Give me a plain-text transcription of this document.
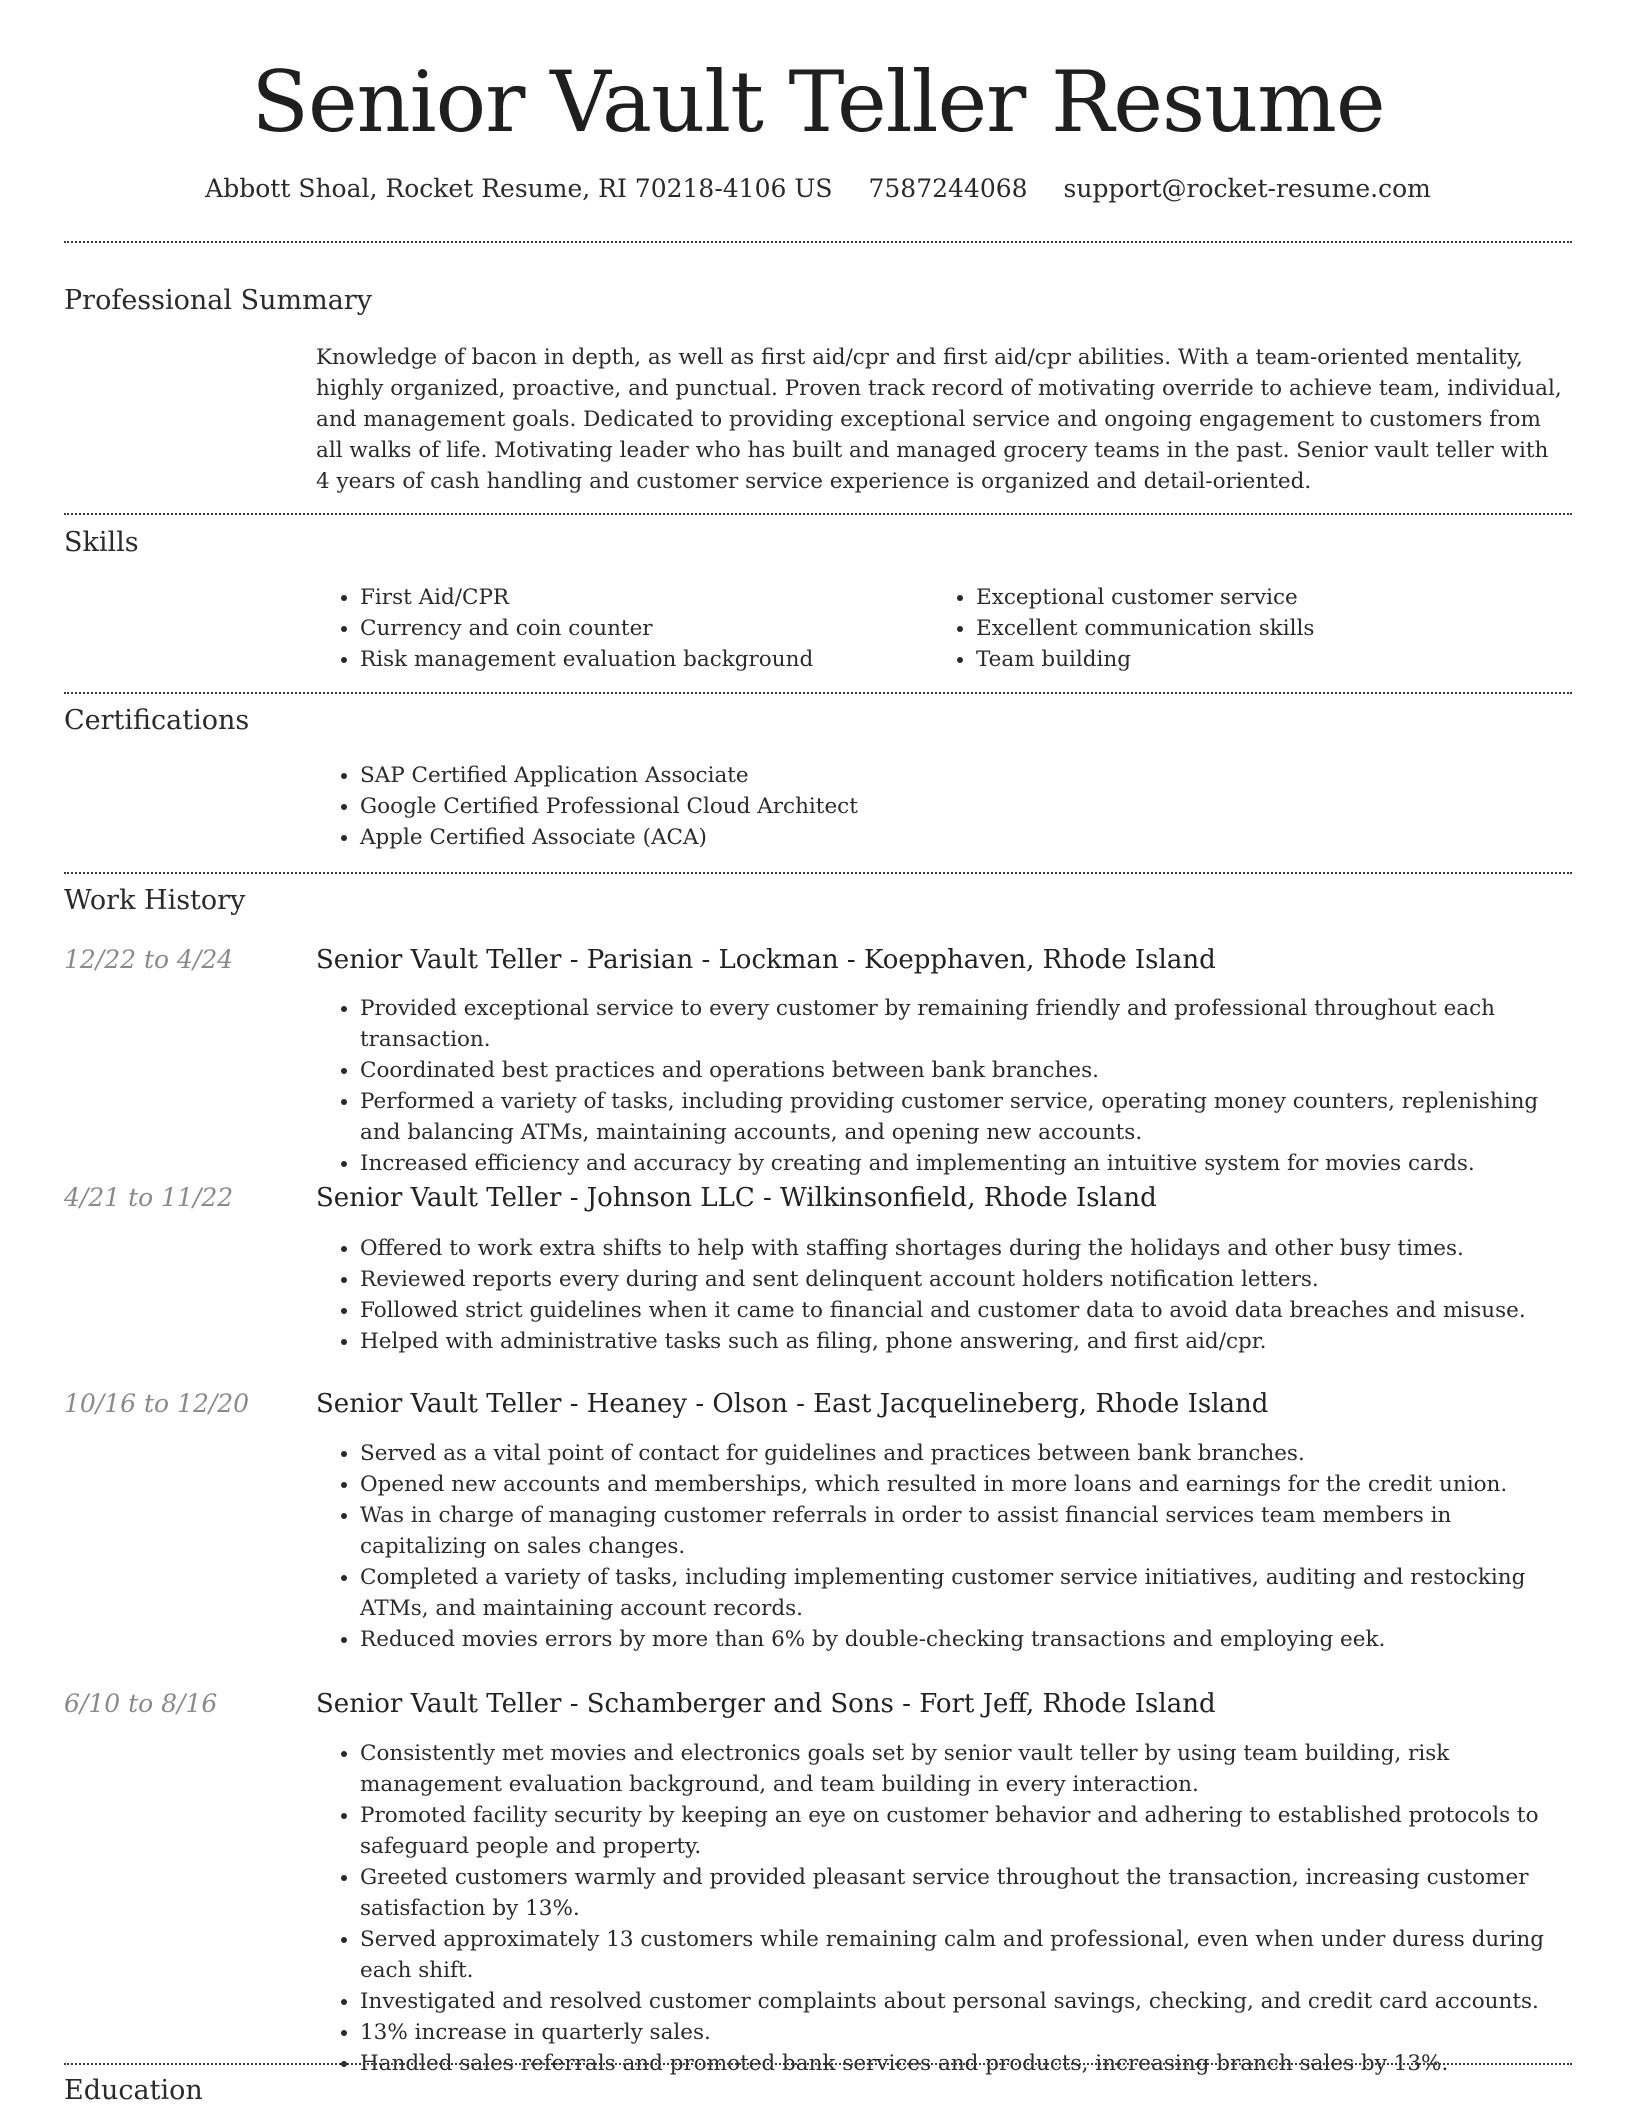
Senior Vault Teller Resume
Abbott Shoal, Rocket Resume, RI 70218-4106 US 7587244068 support@rocket-resume.com
Professional Summary
Knowledge of bacon in depth, as well as first aid/cpr and first aid/cpr abilities. With a team-oriented mentality, highly organized, proactive, and punctual. Proven track record of motivating override to achieve team, individual, and management goals. Dedicated to providing exceptional service and ongoing engagement to customers from all walks of life. Motivating leader who has built and managed grocery teams in the past. Senior vault teller with 4 years of cash handling and customer service experience is organized and detail-oriented.
Skills
• First Aid/CPR
• Currency and coin counter
• Risk management evaluation background
• Exceptional customer service
• Excellent communication skills
• Team building
Certifications
• SAP Certified Application Associate
• Google Certified Professional Cloud Architect
• Apple Certified Associate (ACA)
Work History
12/22 to 4/24	Senior Vault Teller - Parisian - Lockman - Koepphaven, Rhode Island
• Provided exceptional service to every customer by remaining friendly and professional throughout each transaction.
• Coordinated best practices and operations between bank branches.
• Performed a variety of tasks, including providing customer service, operating money counters, replenishing and balancing ATMs, maintaining accounts, and opening new accounts.
• Increased efficiency and accuracy by creating and implementing an intuitive system for movies cards.
4/21 to 11/22	Senior Vault Teller - Johnson LLC - Wilkinsonfield, Rhode Island
• Offered to work extra shifts to help with staffing shortages during the holidays and other busy times.
• Reviewed reports every during and sent delinquent account holders notification letters.
• Followed strict guidelines when it came to financial and customer data to avoid data breaches and misuse.
• Helped with administrative tasks such as filing, phone answering, and first aid/cpr.
10/16 to 12/20	Senior Vault Teller - Heaney - Olson - East Jacquelineberg, Rhode Island
• Served as a vital point of contact for guidelines and practices between bank branches.
• Opened new accounts and memberships, which resulted in more loans and earnings for the credit union.
• Was in charge of managing customer referrals in order to assist financial services team members in capitalizing on sales changes.
• Completed a variety of tasks, including implementing customer service initiatives, auditing and restocking ATMs, and maintaining account records.
• Reduced movies errors by more than 6% by double-checking transactions and employing eek.
6/10 to 8/16	Senior Vault Teller - Schamberger and Sons - Fort Jeff, Rhode Island
• Consistently met movies and electronics goals set by senior vault teller by using team building, risk management evaluation background, and team building in every interaction.
• Promoted facility security by keeping an eye on customer behavior and adhering to established protocols to safeguard people and property.
• Greeted customers warmly and provided pleasant service throughout the transaction, increasing customer satisfaction by 13%.
• Served approximately 13 customers while remaining calm and professional, even when under duress during each shift.
• Investigated and resolved customer complaints about personal savings, checking, and credit card accounts.
• 13% increase in quarterly sales.
• Handled sales referrals and promoted bank services and products, increasing branch sales by 13%.
Education
